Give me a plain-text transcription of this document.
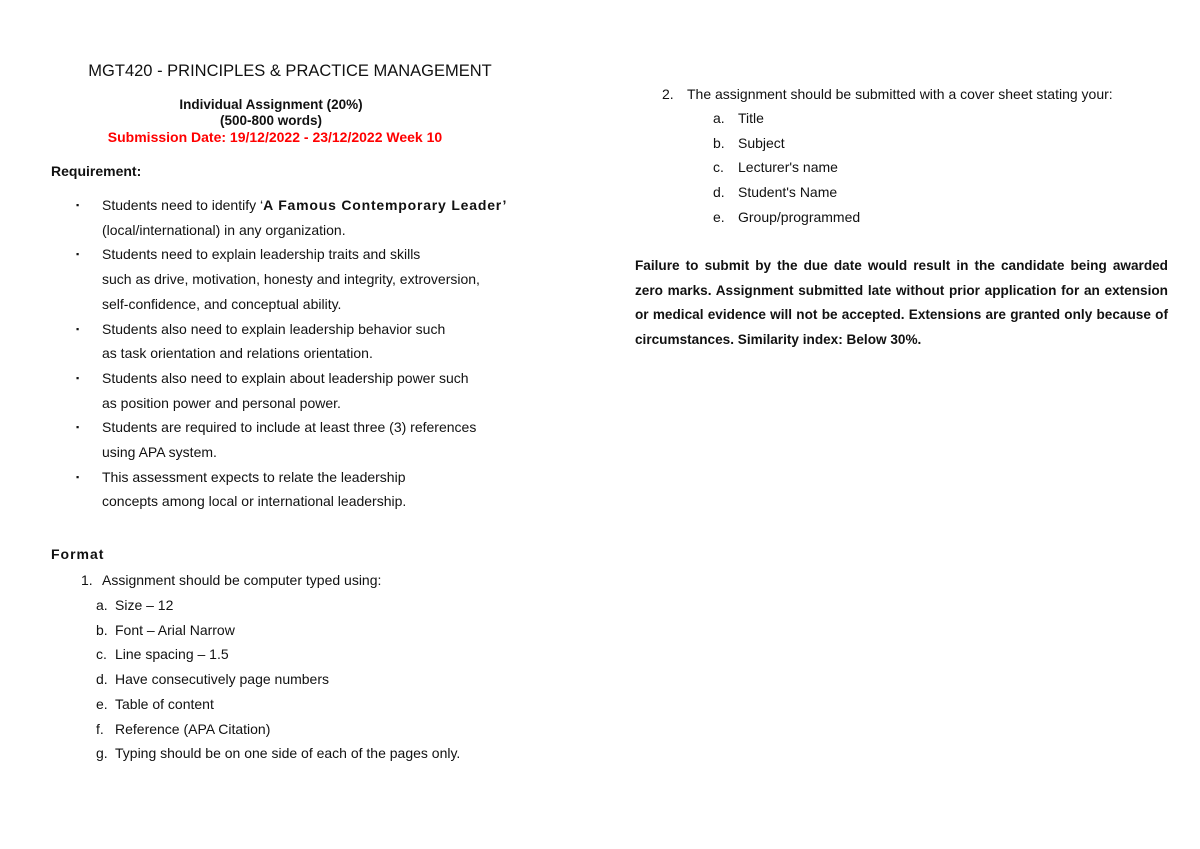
MGT420 - PRINCIPLES & PRACTICE MANAGEMENT
Individual Assignment (20%)
(500-800 words)
Submission Date: 19/12/2022 - 23/12/2022 Week 10
Requirement:
▪ Students need to identify ‘A Famous Contemporary Leader’
(local/international) in any organization.
▪ Students need to explain leadership traits and skills
such as drive, motivation, honesty and integrity, extroversion,
self-confidence, and conceptual ability.
▪ Students also need to explain leadership behavior such
as task orientation and relations orientation.
▪ Students also need to explain about leadership power such
as position power and personal power.
▪ Students are required to include at least three (3) references
using APA system.
▪ This assessment expects to relate the leadership
concepts among local or international leadership.
Format
1. Assignment should be computer typed using:
a. Size – 12
b. Font – Arial Narrow
c. Line spacing – 1.5
d. Have consecutively page numbers
e. Table of content
f. Reference (APA Citation)
g. Typing should be on one side of each of the pages only.
2. The assignment should be submitted with a cover sheet stating your:
a. Title
b. Subject
c. Lecturer's name
d. Student's Name
e. Group/programmed
Failure to submit by the due date would result in the candidate being awarded zero marks. Assignment submitted late without prior application for an extension or medical evidence will not be accepted. Extensions are granted only because of circumstances. Similarity index: Below 30%.
